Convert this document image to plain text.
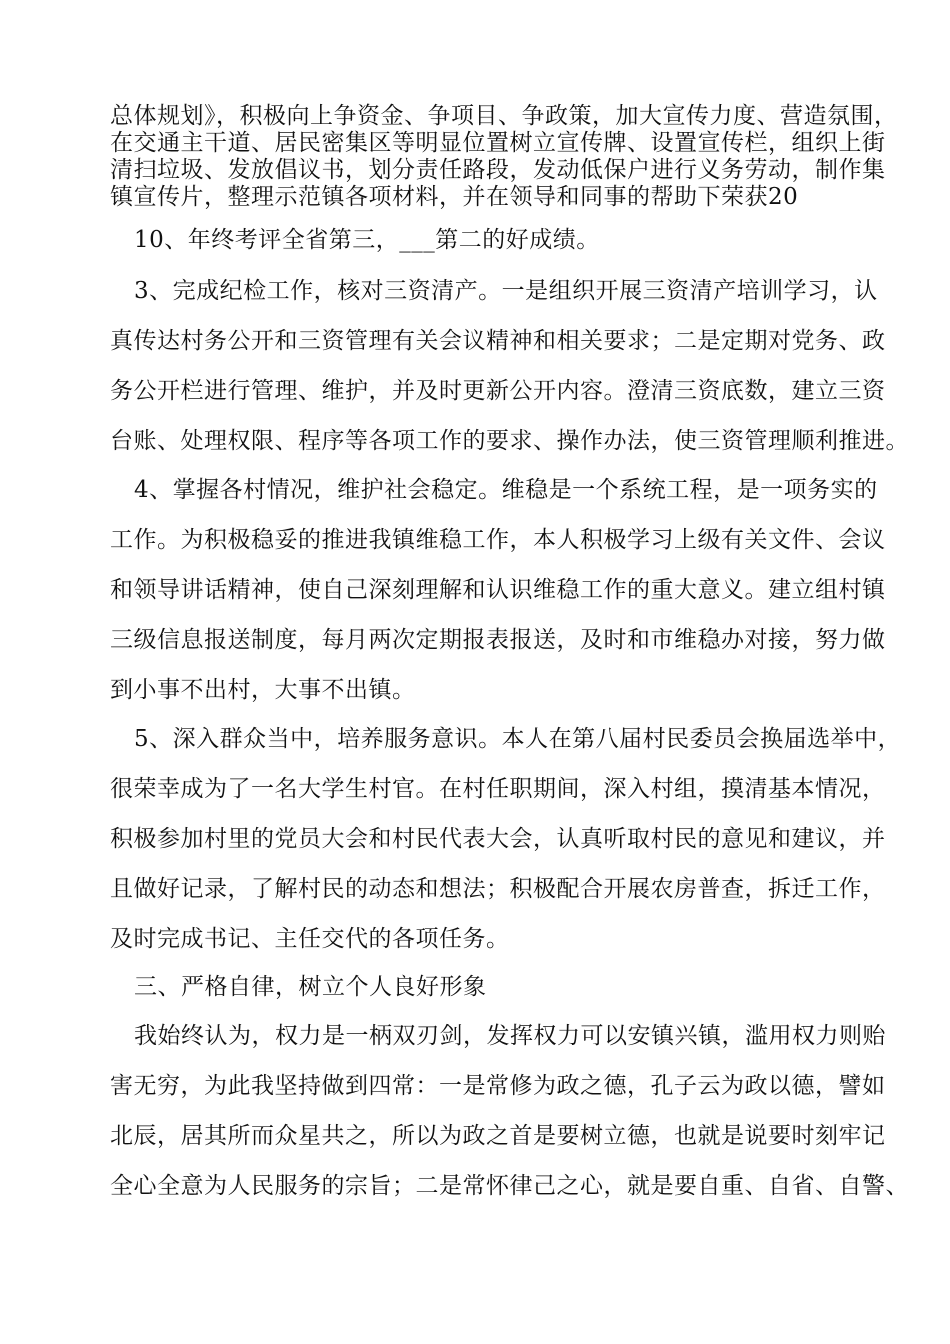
总体规划》，积极向上争资金、争项目、争政策，加大宣传力度、营造氛围，
在交通主干道、居民密集区等明显位置树立宣传牌、设置宣传栏，组织上街
清扫垃圾、发放倡议书，划分责任路段，发动低保户进行义务劳动，制作集
镇宣传片，整理示范镇各项材料，并在领导和同事的帮助下荣获20
10、年终考评全省第三，___第二的好成绩。
3、完成纪检工作，核对三资清产。一是组织开展三资清产培训学习，认
真传达村务公开和三资管理有关会议精神和相关要求；二是定期对党务、政
务公开栏进行管理、维护，并及时更新公开内容。澄清三资底数，建立三资
台账、处理权限、程序等各项工作的要求、操作办法，使三资管理顺利推进。
4、掌握各村情况，维护社会稳定。维稳是一个系统工程，是一项务实的
工作。为积极稳妥的推进我镇维稳工作，本人积极学习上级有关文件、会议
和领导讲话精神，使自己深刻理解和认识维稳工作的重大意义。建立组村镇
三级信息报送制度，每月两次定期报表报送，及时和市维稳办对接，努力做
到小事不出村，大事不出镇。
5、深入群众当中，培养服务意识。本人在第八届村民委员会换届选举中，
很荣幸成为了一名大学生村官。在村任职期间，深入村组，摸清基本情况，
积极参加村里的党员大会和村民代表大会，认真听取村民的意见和建议，并
且做好记录，了解村民的动态和想法；积极配合开展农房普查，拆迁工作，
及时完成书记、主任交代的各项任务。
三、严格自律，树立个人良好形象
我始终认为，权力是一柄双刃剑，发挥权力可以安镇兴镇，滥用权力则贻
害无穷，为此我坚持做到四常：一是常修为政之德，孔子云为政以德，譬如
北辰，居其所而众星共之，所以为政之首是要树立德，也就是说要时刻牢记
全心全意为人民服务的宗旨；二是常怀律己之心，就是要自重、自省、自警、
